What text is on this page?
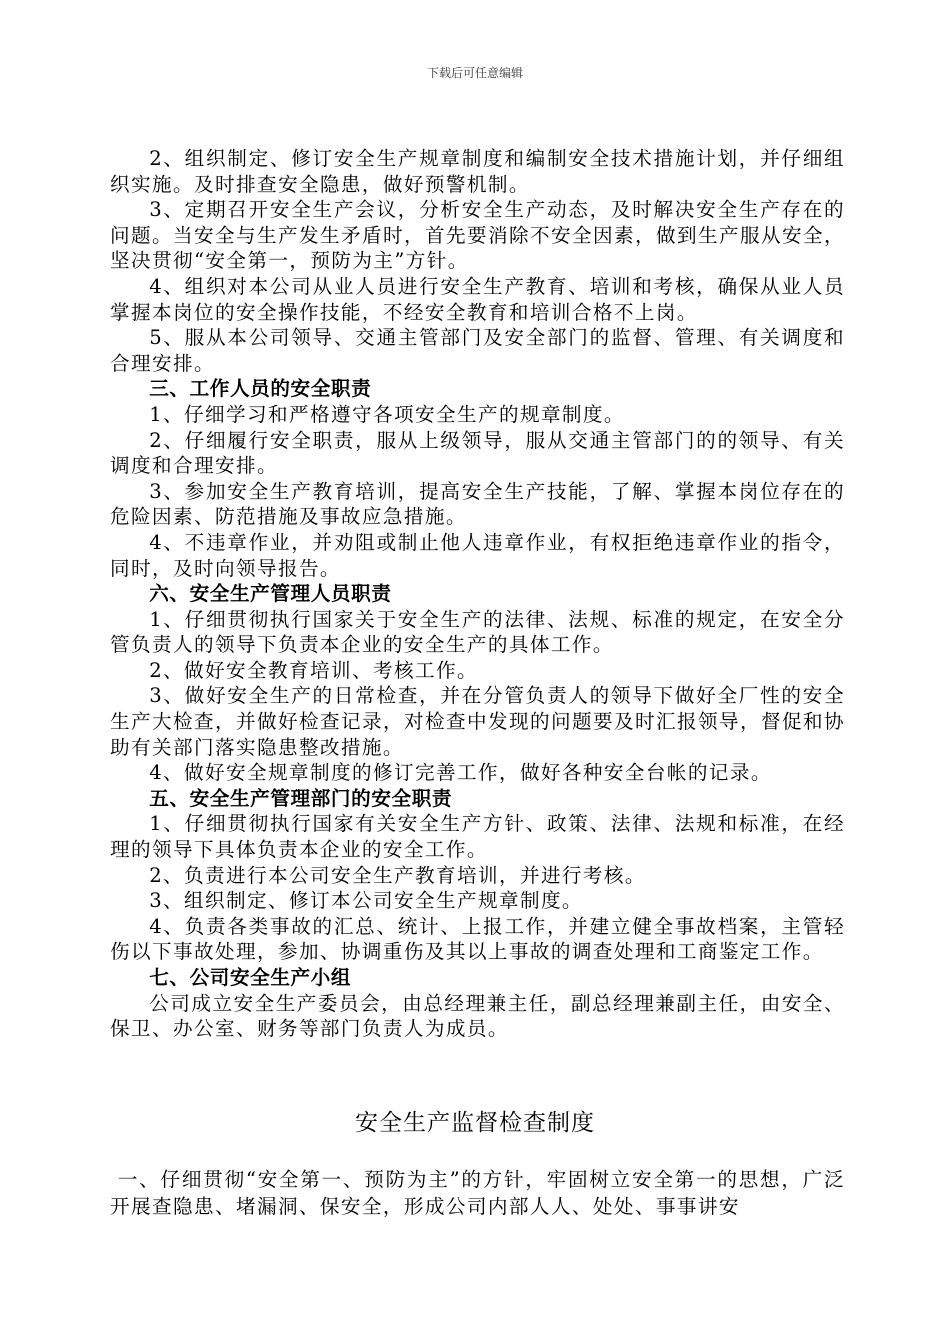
下载后可任意编辑

2、组织制定、修订安全生产规章制度和编制安全技术措施计划，并仔细组织实施。及时排查安全隐患，做好预警机制。

3、定期召开安全生产会议，分析安全生产动态，及时解决安全生产存在的问题。当安全与生产发生矛盾时，首先要消除不安全因素，做到生产服从安全，坚决贯彻“安全第一，预防为主”方针。

4、组织对本公司从业人员进行安全生产教育、培训和考核，确保从业人员掌握本岗位的安全操作技能，不经安全教育和培训合格不上岗。

5、服从本公司领导、交通主管部门及安全部门的监督、管理、有关调度和合理安排。

三、工作人员的安全职责

1、仔细学习和严格遵守各项安全生产的规章制度。

2、仔细履行安全职责，服从上级领导，服从交通主管部门的的领导、有关调度和合理安排。

3、参加安全生产教育培训，提高安全生产技能，了解、掌握本岗位存在的危险因素、防范措施及事故应急措施。

4、不违章作业，并劝阻或制止他人违章作业，有权拒绝违章作业的指令，同时，及时向领导报告。

六、安全生产管理人员职责

1、仔细贯彻执行国家关于安全生产的法律、法规、标准的规定，在安全分管负责人的领导下负责本企业的安全生产的具体工作。

2、做好安全教育培训、考核工作。

3、做好安全生产的日常检查，并在分管负责人的领导下做好全厂性的安全生产大检查，并做好检查记录，对检查中发现的问题要及时汇报领导，督促和协助有关部门落实隐患整改措施。

4、做好安全规章制度的修订完善工作，做好各种安全台帐的记录。

五、安全生产管理部门的安全职责

1、仔细贯彻执行国家有关安全生产方针、政策、法律、法规和标准，在经理的领导下具体负责本企业的安全工作。

2、负责进行本公司安全生产教育培训，并进行考核。

3、组织制定、修订本公司安全生产规章制度。

4、负责各类事故的汇总、统计、上报工作，并建立健全事故档案，主管轻伤以下事故处理，参加、协调重伤及其以上事故的调查处理和工商鉴定工作。

七、公司安全生产小组

公司成立安全生产委员会，由总经理兼主任，副总经理兼副主任，由安全、保卫、办公室、财务等部门负责人为成员。

安全生产监督检查制度

一、仔细贯彻“安全第一、预防为主”的方针，牢固树立安全第一的思想，广泛开展查隐患、堵漏洞、保安全，形成公司内部人人、处处、事事讲安
